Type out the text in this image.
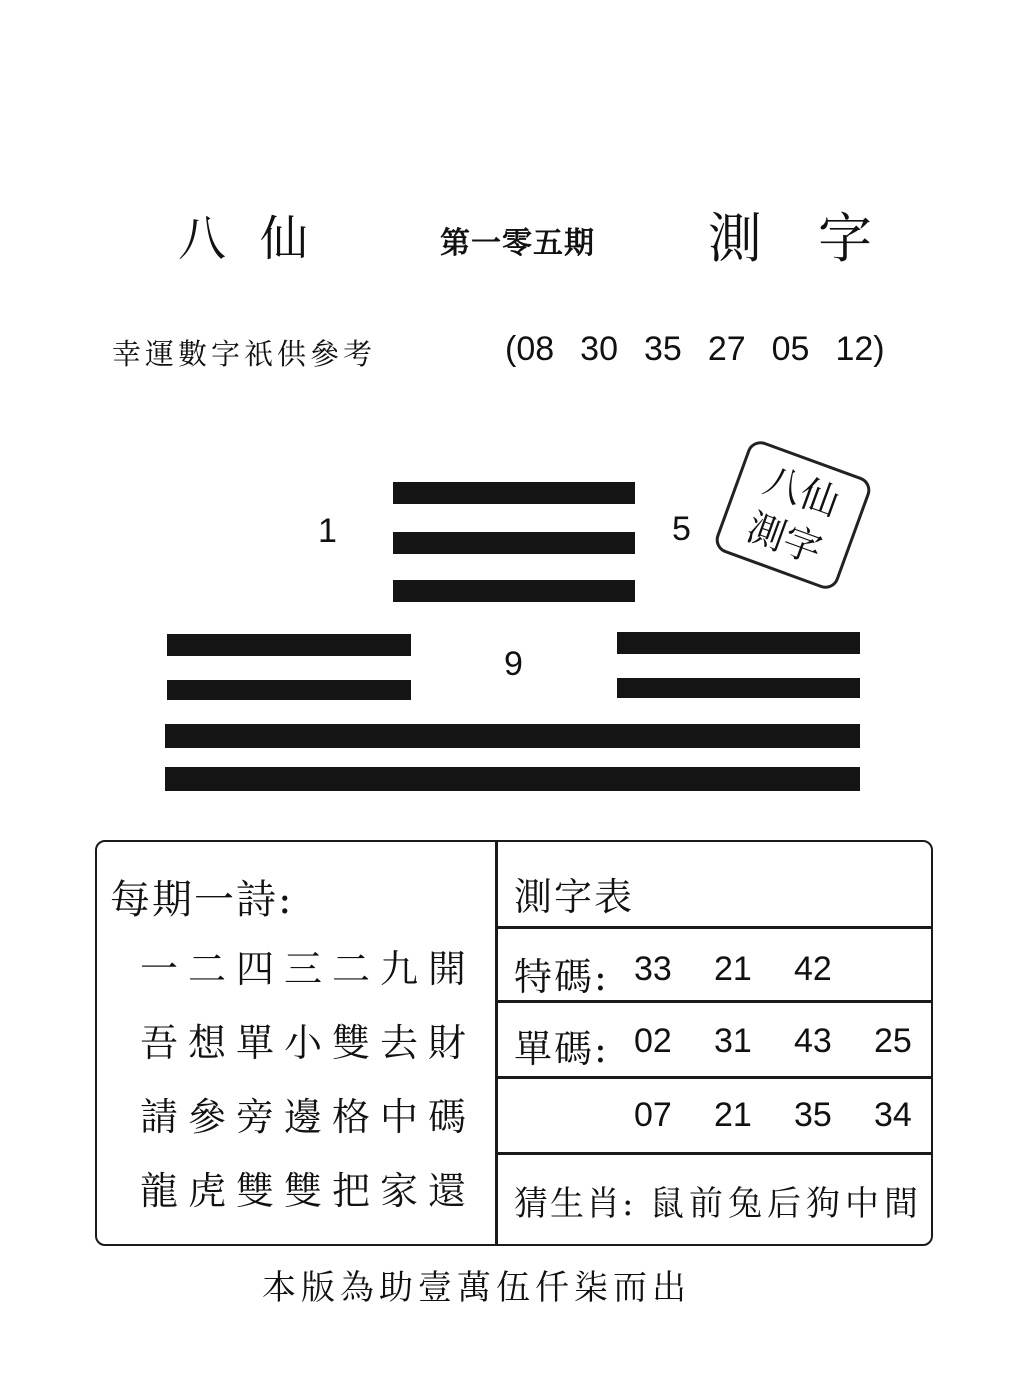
八仙	第一零五期 測字
幸運數字祇供參考	( 08 30 35 27 05 12 )
1	5
9
八仙
測字
每期一詩:
一二四三二九開
吾想單小雙去財
請參旁邊格中碼
龍虎雙雙把家還
測字表
特碼: 33	21	42
單碼: 02	31	43	25
07	21	35	34
猜生肖: 鼠前兔后狗中間
本版為助壹萬伍仟柒而出
